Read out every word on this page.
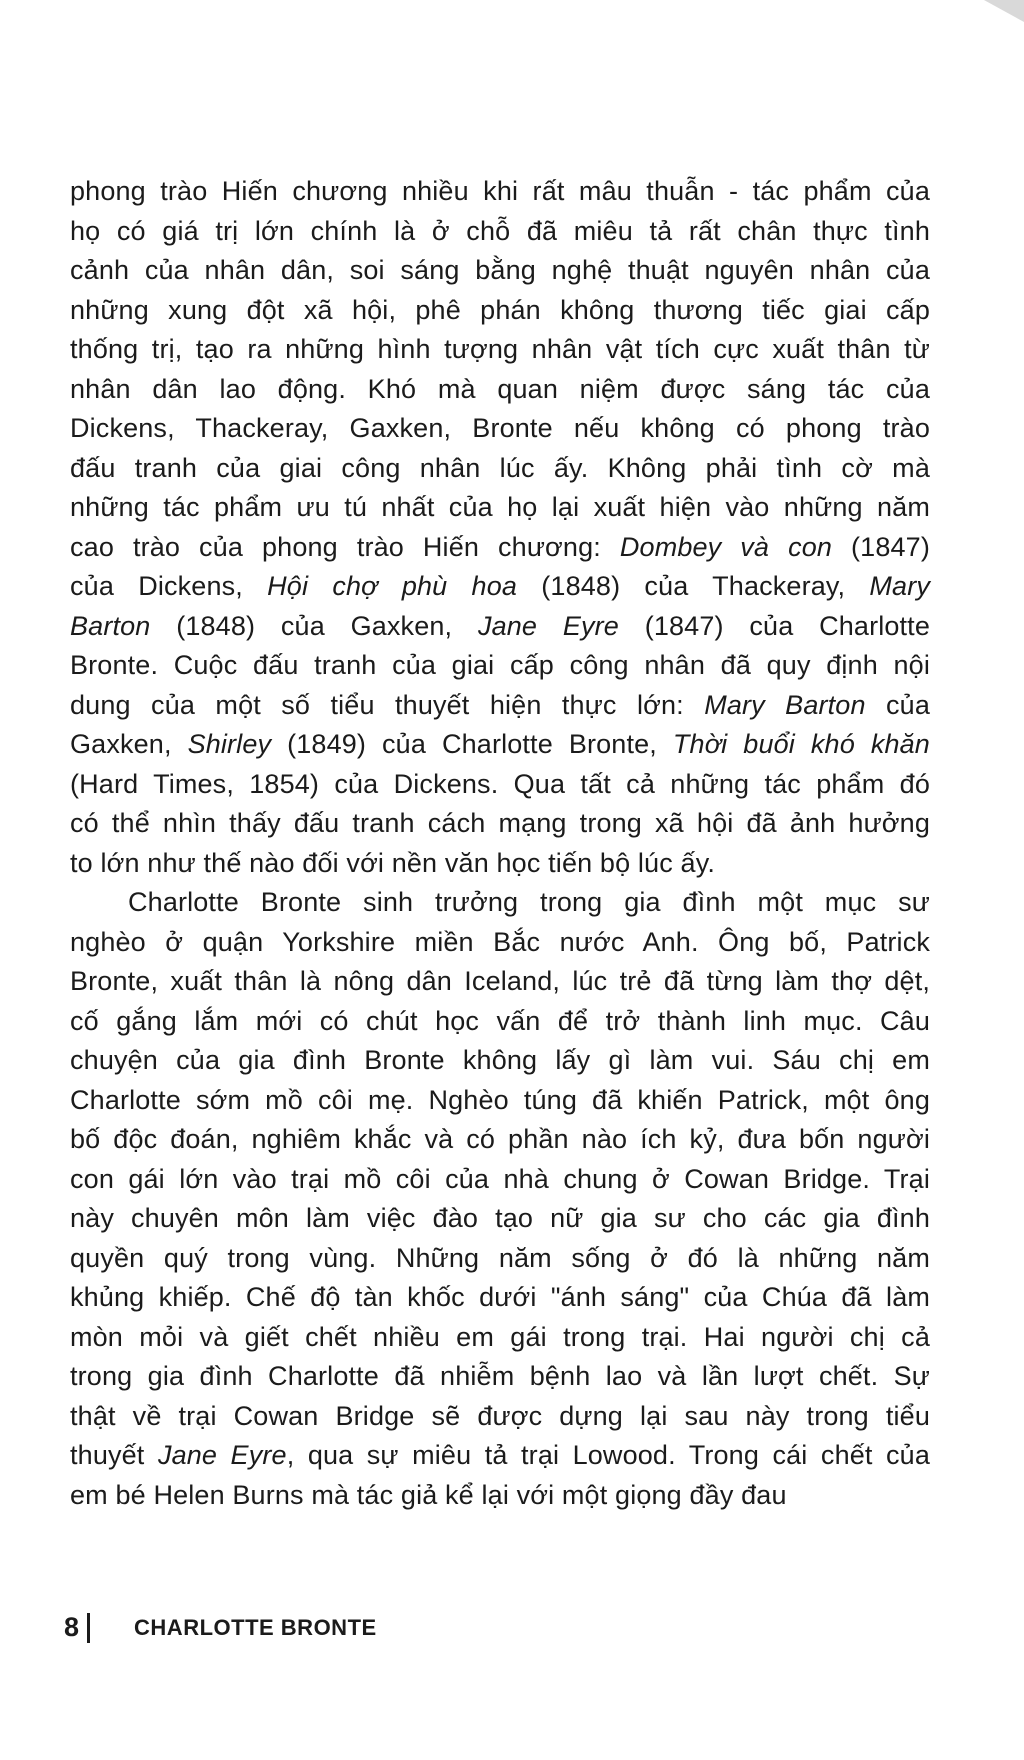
phong trào Hiến chương nhiều khi rất mâu thuẫn - tác phẩm của
họ có giá trị lớn chính là ở chỗ đã miêu tả rất chân thực tình
cảnh của nhân dân, soi sáng bằng nghệ thuật nguyên nhân của
những xung đột xã hội, phê phán không thương tiếc giai cấp
thống trị, tạo ra những hình tượng nhân vật tích cực xuất thân từ
nhân dân lao động. Khó mà quan niệm được sáng tác của
Dickens, Thackeray, Gaxken, Bronte nếu không có phong trào
đấu tranh của giai công nhân lúc ấy. Không phải tình cờ mà
những tác phẩm ưu tú nhất của họ lại xuất hiện vào những năm
cao trào của phong trào Hiến chương: Dombey và con (1847)
của Dickens, Hội chợ phù hoa (1848) của Thackeray, Mary
Barton (1848) của Gaxken, Jane Eyre (1847) của Charlotte
Bronte. Cuộc đấu tranh của giai cấp công nhân đã quy định nội
dung của một số tiểu thuyết hiện thực lớn: Mary Barton của
Gaxken, Shirley (1849) của Charlotte Bronte, Thời buổi khó khăn
(Hard Times, 1854) của Dickens. Qua tất cả những tác phẩm đó
có thể nhìn thấy đấu tranh cách mạng trong xã hội đã ảnh hưởng
to lớn như thế nào đối với nền văn học tiến bộ lúc ấy.
Charlotte Bronte sinh trưởng trong gia đình một mục sư
nghèo ở quận Yorkshire miền Bắc nước Anh. Ông bố, Patrick
Bronte, xuất thân là nông dân Iceland, lúc trẻ đã từng làm thợ dệt,
cố gắng lắm mới có chút học vấn để trở thành linh mục. Câu
chuyện của gia đình Bronte không lấy gì làm vui. Sáu chị em
Charlotte sớm mồ côi mẹ. Nghèo túng đã khiến Patrick, một ông
bố độc đoán, nghiêm khắc và có phần nào ích kỷ, đưa bốn người
con gái lớn vào trại mồ côi của nhà chung ở Cowan Bridge. Trại
này chuyên môn làm việc đào tạo nữ gia sư cho các gia đình
quyền quý trong vùng. Những năm sống ở đó là những năm
khủng khiếp. Chế độ tàn khốc dưới "ánh sáng" của Chúa đã làm
mòn mỏi và giết chết nhiều em gái trong trại. Hai người chị cả
trong gia đình Charlotte đã nhiễm bệnh lao và lần lượt chết. Sự
thật về trại Cowan Bridge sẽ được dựng lại sau này trong tiểu
thuyết Jane Eyre, qua sự miêu tả trại Lowood. Trong cái chết của
em bé Helen Burns mà tác giả kể lại với một giọng đầy đau
8	CHARLOTTE BRONTE
